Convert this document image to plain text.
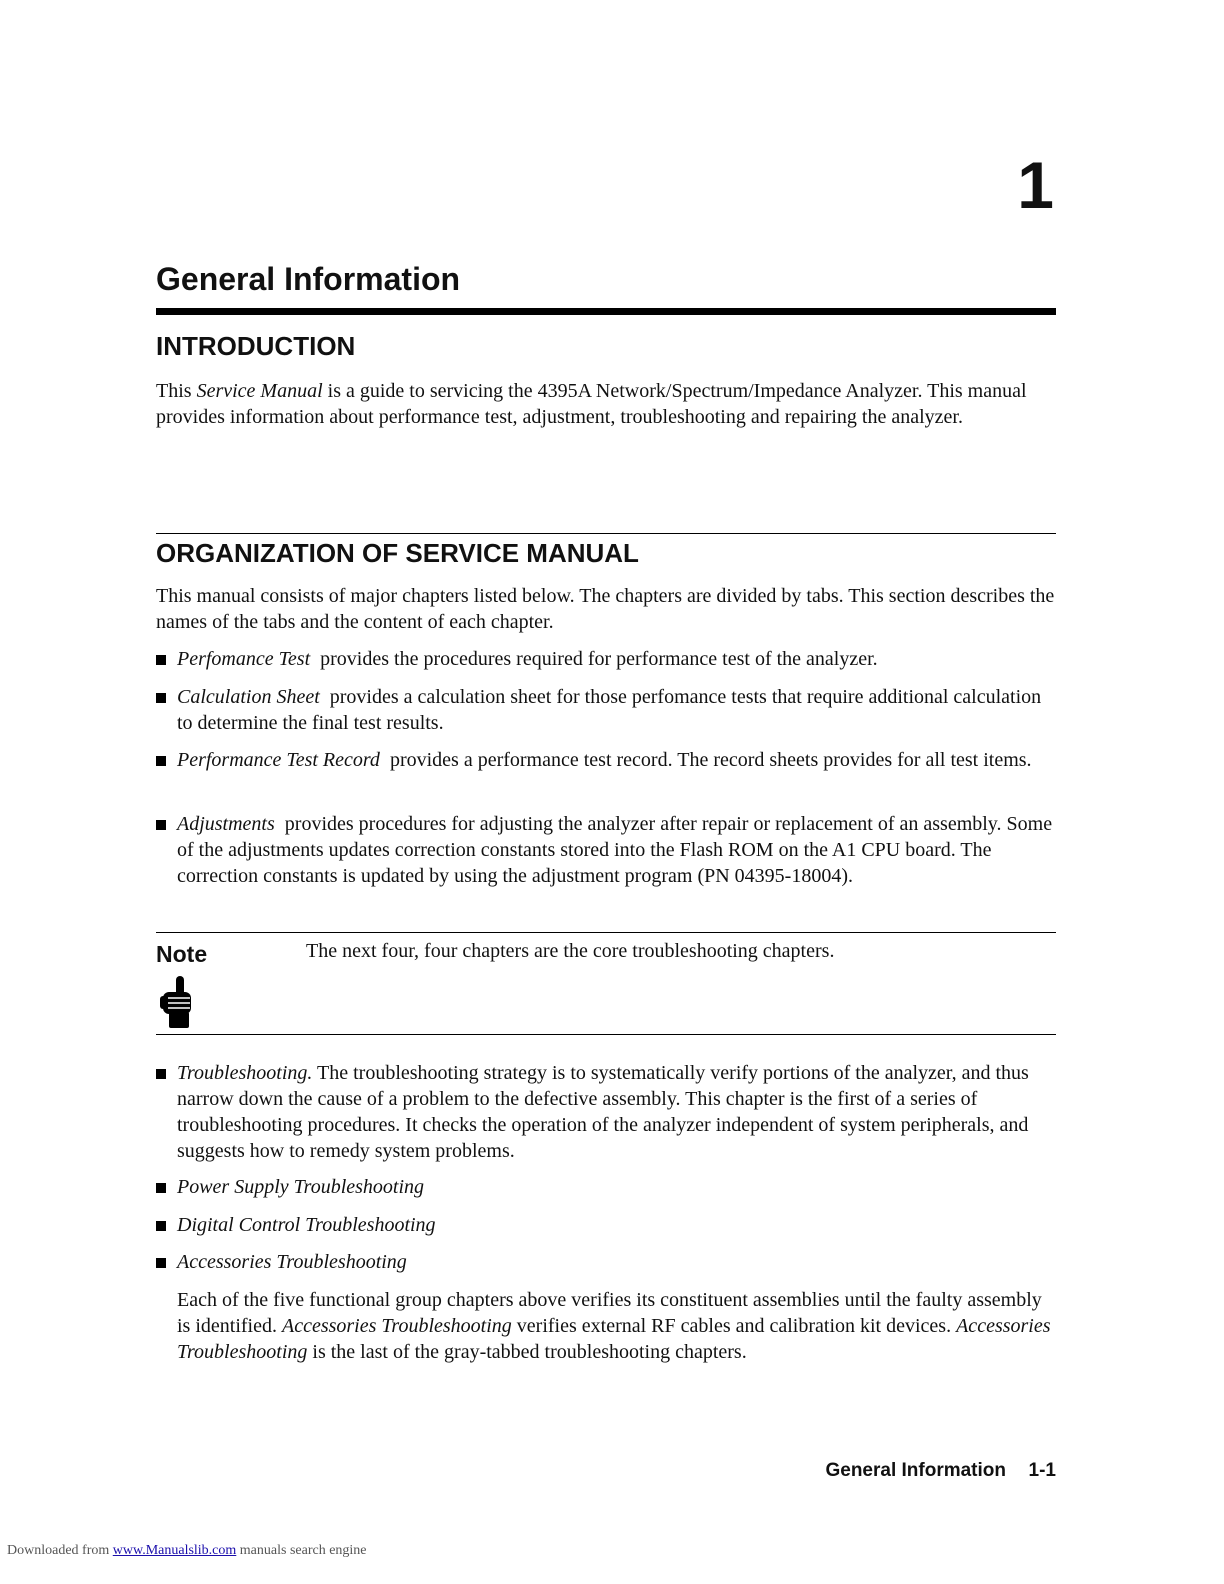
1
General Information
INTRODUCTION
This Service Manual is a guide to servicing the 4395A Network/Spectrum/Impedance Analyzer. This manual provides information about performance test, adjustment, troubleshooting and repairing the analyzer.
ORGANIZATION OF SERVICE MANUAL
This manual consists of major chapters listed below. The chapters are divided by tabs. This section describes the names of the tabs and the content of each chapter.
Perfomance Test provides the procedures required for performance test of the analyzer.
Calculation Sheet provides a calculation sheet for those perfomance tests that require additional calculation to determine the final test results.
Performance Test Record provides a performance test record. The record sheets provides for all test items.
Adjustments provides procedures for adjusting the analyzer after repair or replacement of an assembly. Some of the adjustments updates correction constants stored into the Flash ROM on the A1 CPU board. The correction constants is updated by using the adjustment program (PN 04395-18004).
Note	The next four, four chapters are the core troubleshooting chapters.
Troubleshooting. The troubleshooting strategy is to systematically verify portions of the analyzer, and thus narrow down the cause of a problem to the defective assembly. This chapter is the first of a series of troubleshooting procedures. It checks the operation of the analyzer independent of system peripherals, and suggests how to remedy system problems.
Power Supply Troubleshooting
Digital Control Troubleshooting
Accessories Troubleshooting
Each of the five functional group chapters above verifies its constituent assemblies until the faulty assembly is identified. Accessories Troubleshooting verifies external RF cables and calibration kit devices. Accessories Troubleshooting is the last of the gray-tabbed troubleshooting chapters.
General Information 1-1
Downloaded from www.Manualslib.com manuals search engine
